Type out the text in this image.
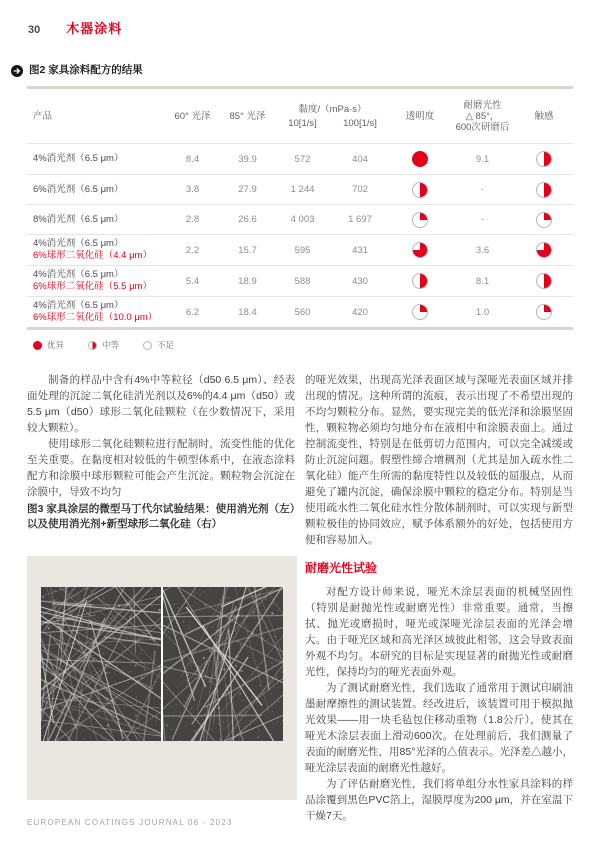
30 木器涂料
图2 家具涂料配方的结果
产品	60° 光泽	85° 光泽
黏度/（mPa·s）
10[1/s]	100[1/s]
透明度
耐磨光性
△ 85°，
600次研磨后
触感
4%消光剂（6.5 μm）	8.4	39.9	572	404	9.1
6%消光剂（6.5 μm）	3.8	27.9	1 244	702	-
8%消光剂（6.5 μm）	2.8	26.6	4 003	1 697	-
4%消光剂（6.5 μm）
6%球形二氧化硅（4.4 μm）	2.2	15.7	595	431	3.6
4%消光剂（6.5 μm）
6%球形二氧化硅（5.5 μm）	5.4	18.9	588	430	8.1
4%消光剂（6.5 μm）
6%球形二氧化硅（10.0 μm）	6.2	18.4	560	420	1.0
优异	中等	不足

制备的样品中含有4%中等粒径（d50 6.5 μm）、经表面处理的沉淀二氧化硅消光剂以及6%的4.4 μm（d50）或5.5 μm（d50）球形二氧化硅颗粒（在少数情况下，采用较大颗粒）。

使用球形二氧化硅颗粒进行配制时，流变性能的优化至关重要。在黏度相对较低的牛顿型体系中，在液态涂料配方和涂膜中球形颗粒可能会产生沉淀。颗粒物会沉淀在涂膜中，导致不均匀

图3 家具涂层的微型马丁代尔试验结果：使用消光剂（左）以及使用消光剂+新型球形二氧化硅（右）

的哑光效果，出现高光泽表面区域与深哑光表面区域并排出现的情况。这种所谓的流痕，表示出现了不希望出现的不均匀颗粒分布。显然，要实现完美的低光泽和涂膜坚固性，颗粒物必须均匀地分布在液相中和涂膜表面上。通过控制流变性，特别是在低剪切力范围内，可以完全减缓或防止沉淀问题。假塑性缔合增稠剂（尤其是加入疏水性二氧化硅）能产生所需的黏度特性以及较低的屈服点，从而避免了罐内沉淀，确保涂膜中颗粒的稳定分布。特别是当使用疏水性二氧化硅水性分散体制剂时，可以实现与新型颗粒极佳的协同效应，赋予体系额外的好处，包括使用方便和容易加入。

耐磨光性试验

对配方设计师来说，哑光木涂层表面的机械坚固性（特别是耐抛光性或耐磨光性）非常重要。通常，当擦拭、抛光或磨损时，哑光或深哑光涂层表面的光泽会增大。由于哑光区域和高光泽区域彼此相邻，这会导致表面外观不均匀。本研究的目标是实现显著的耐抛光性或耐磨光性，保持均匀的哑光表面外观。

为了测试耐磨光性，我们选取了通常用于测试印刷油墨耐摩擦性的测试装置。经改进后，该装置可用于模拟抛光效果——用一块毛毡包住移动重物（1.8公斤），使其在哑光木涂层表面上滑动600次。在处理前后，我们测量了表面的耐磨光性，用85°光泽的△值表示。光泽差△越小，哑光涂层表面的耐磨光性越好。

为了评估耐磨光性，我们将单组分水性家具涂料的样品涂覆到黑色PVC箔上，湿膜厚度为200 μm，并在室温下干燥7天。

EUROPEAN COATINGS JOURNAL 06 - 2023
